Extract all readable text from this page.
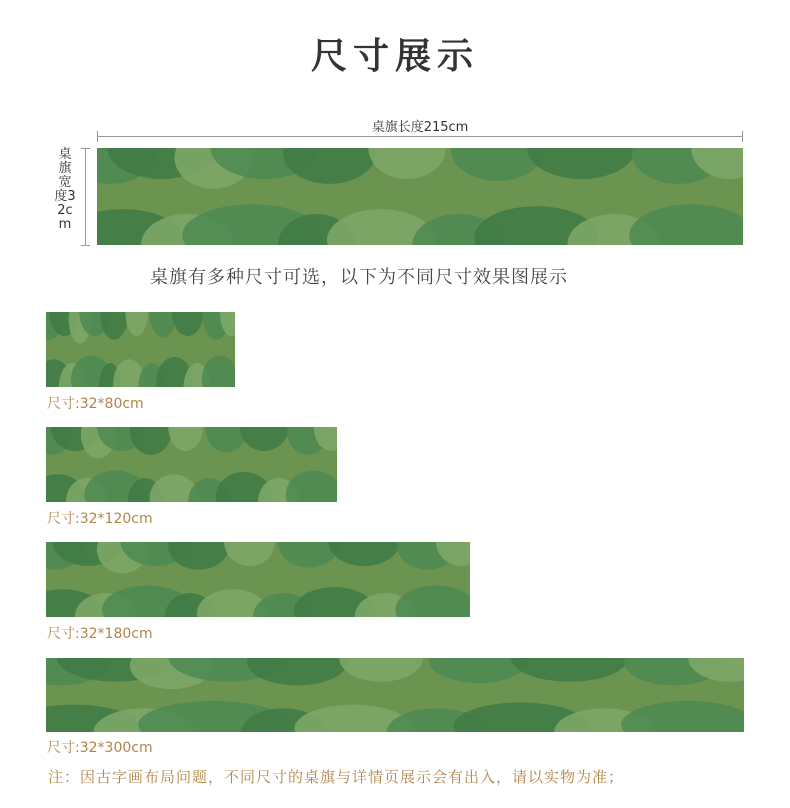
尺寸展示
桌旗长度215cm
桌旗宽度32cm
桌旗有多种尺寸可选，以下为不同尺寸效果图展示
尺寸:32*80cm
尺寸:32*120cm
尺寸:32*180cm
尺寸:32*300cm
注：因古字画布局问题，不同尺寸的桌旗与详情页展示会有出入，请以实物为准；
